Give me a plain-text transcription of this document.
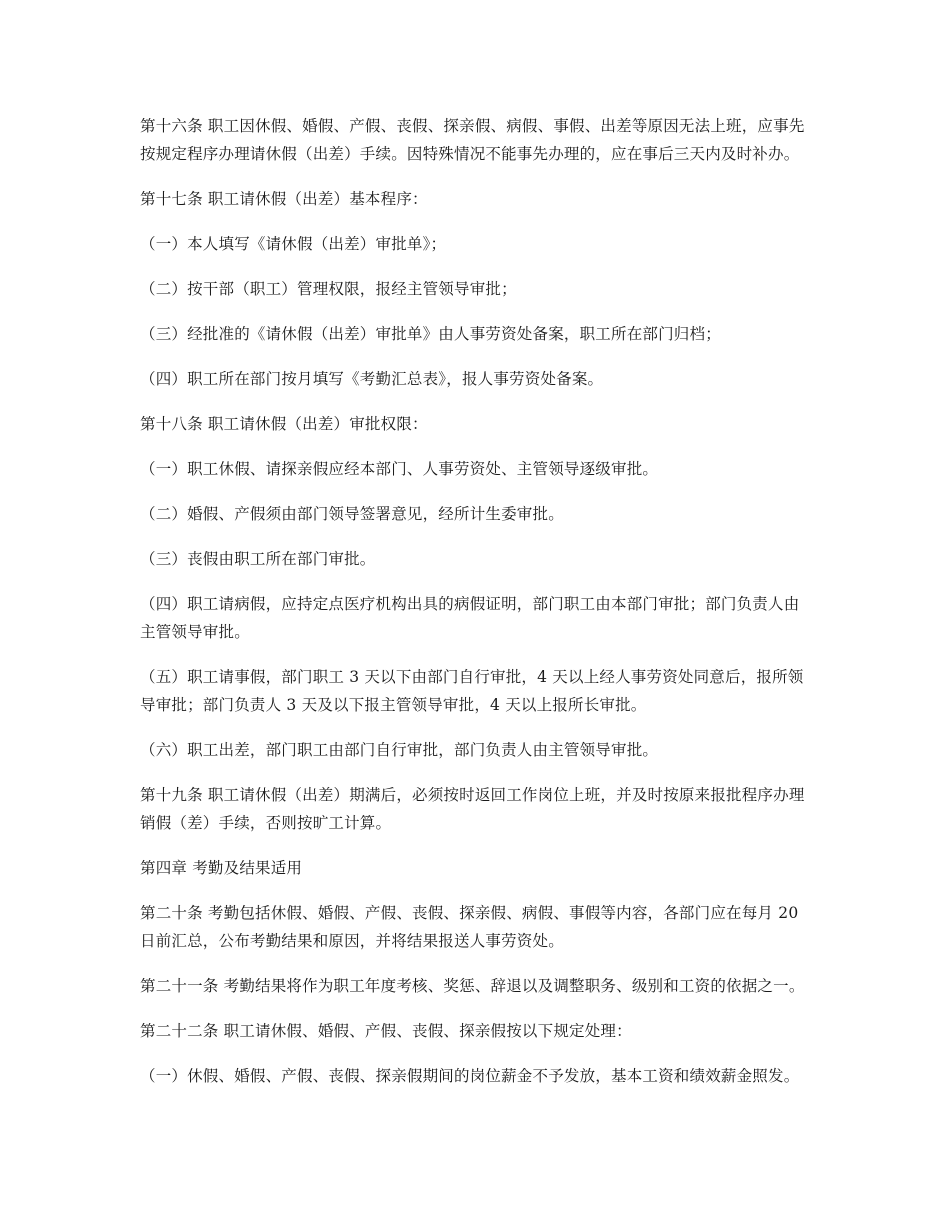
第十六条 职工因休假、婚假、产假、丧假、探亲假、病假、事假、出差等原因无法上班，应事先按规定程序办理请休假（出差）手续。因特殊情况不能事先办理的，应在事后三天内及时补办。

第十七条 职工请休假（出差）基本程序：

（一）本人填写《请休假（出差）审批单》；

（二）按干部（职工）管理权限，报经主管领导审批；

（三）经批准的《请休假（出差）审批单》由人事劳资处备案，职工所在部门归档；

（四）职工所在部门按月填写《考勤汇总表》，报人事劳资处备案。

第十八条 职工请休假（出差）审批权限：

（一）职工休假、请探亲假应经本部门、人事劳资处、主管领导逐级审批。

（二）婚假、产假须由部门领导签署意见，经所计生委审批。

（三）丧假由职工所在部门审批。

（四）职工请病假，应持定点医疗机构出具的病假证明，部门职工由本部门审批；部门负责人由主管领导审批。

（五）职工请事假，部门职工 3 天以下由部门自行审批，4 天以上经人事劳资处同意后，报所领导审批；部门负责人 3 天及以下报主管领导审批，4 天以上报所长审批。

（六）职工出差，部门职工由部门自行审批，部门负责人由主管领导审批。

第十九条 职工请休假（出差）期满后，必须按时返回工作岗位上班，并及时按原来报批程序办理销假（差）手续，否则按旷工计算。

第四章 考勤及结果适用

第二十条 考勤包括休假、婚假、产假、丧假、探亲假、病假、事假等内容，各部门应在每月 20 日前汇总，公布考勤结果和原因，并将结果报送人事劳资处。

第二十一条 考勤结果将作为职工年度考核、奖惩、辞退以及调整职务、级别和工资的依据之一。

第二十二条 职工请休假、婚假、产假、丧假、探亲假按以下规定处理：

（一）休假、婚假、产假、丧假、探亲假期间的岗位薪金不予发放，基本工资和绩效薪金照发。
